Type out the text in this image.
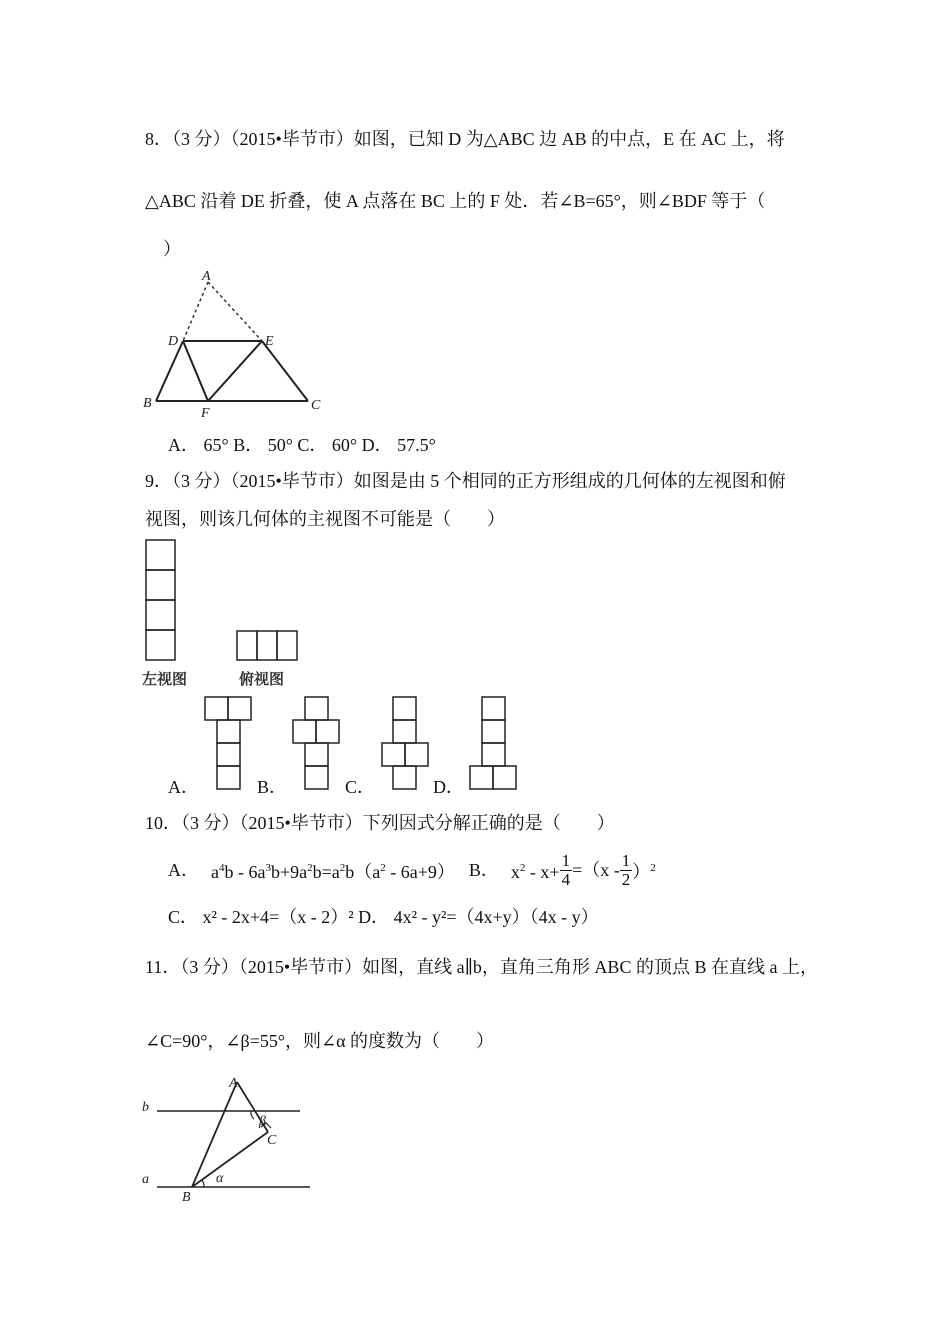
8．（3 分）（2015•毕节市）如图，已知 D 为△ABC 边 AB 的中点，E 在 AC 上，将
△ABC 沿着 DE 折叠，使 A 点落在 BC 上的 F 处．若∠B=65°，则∠BDF 等于（
）
A
D	E
B
F
C
A． 65° B． 50° C． 60° D． 57.5°
9．（3 分）（2015•毕节市）如图是由 5 个相同的正方形组成的几何体的左视图和俯
视图，则该几何体的主视图不可能是（　　）
左视图	俯视图
A．	B．	C．	D．
10．（3 分）（2015•毕节市）下列因式分解正确的是（　　）
A． $a^4b - 6a^3b+9a^2b=a^2b(a^2 - 6a+9)$ B． $x^2 - x+ \frac{1}{4} =(x - \frac{1}{2} )^2$
C． x² - 2x+4=（x - 2）² D． 4x² - y²=（4x+y）（4x - y）
11．（3 分）（2015•毕节市）如图，直线 a∥b，直角三角形 ABC 的顶点 B 在直线 a 上，
∠C=90°，∠β=55°，则∠α 的度数为（　　）
A
b
a
B
C
α
β
